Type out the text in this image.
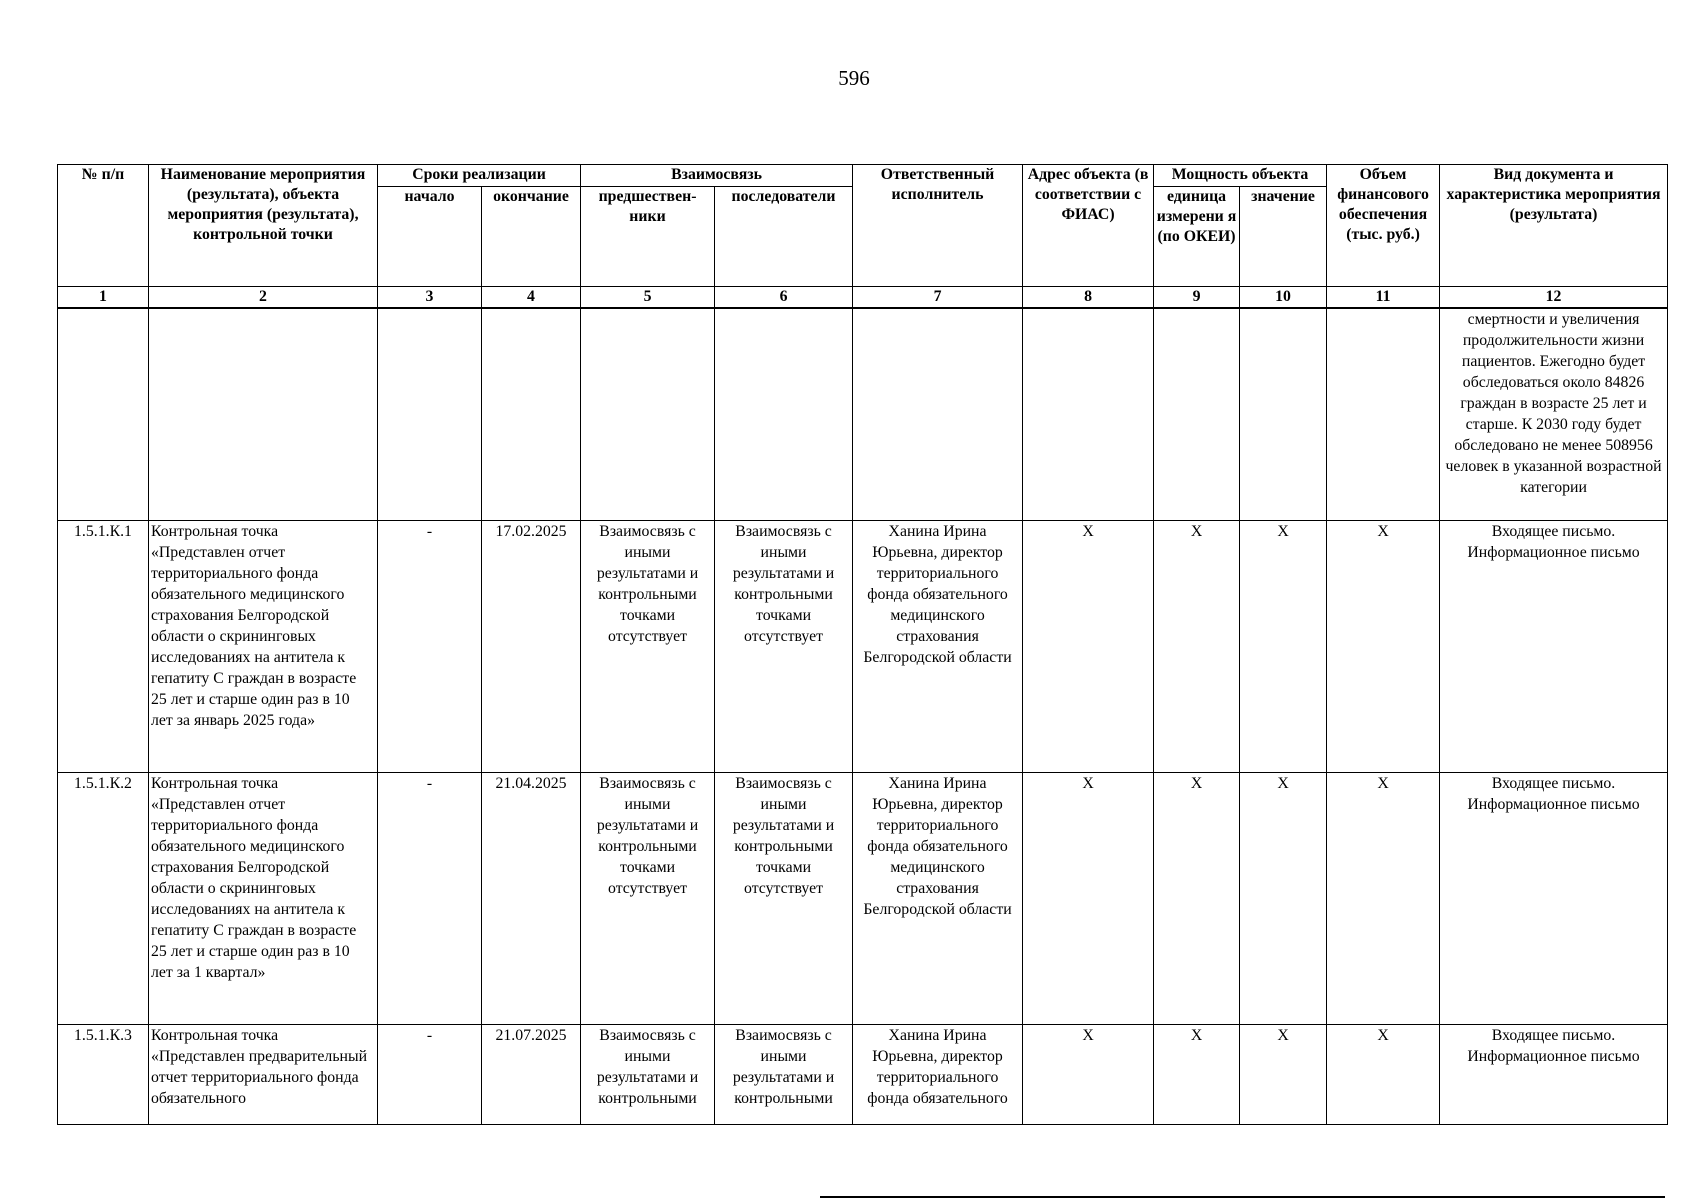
596
№ п/п	Наименование мероприятия (результата), объекта мероприятия (результата), контрольной точки	Сроки реализации		Взаимосвязь		Ответственный исполнитель	Адрес объекта (в соответствии с ФИАС)	Мощность объекта		Объем финансового обеспечения (тыс. руб.)	Вид документа и характеристика мероприятия (результата)
		начало	окончание	предшествен-ники	последователи			единица измерени я (по ОКЕИ)	значение		
1	2	3	4	5	6	7	8	9	10	11	12
											смертности и увеличения продолжительности жизни пациентов. Ежегодно будет обследоваться около 84826 граждан в возрасте 25 лет и старше. К 2030 году будет обследовано не менее 508956 человек в указанной возрастной категории
1.5.1.К.1	Контрольная точка «Представлен отчет территориального фонда обязательного медицинского страхования Белгородской области о скрининговых исследованиях на антитела к гепатиту С граждан в возрасте 25 лет и старше один раз в 10 лет за январь 2025 года»	-	17.02.2025	Взаимосвязь с иными результатами и контрольными точками отсутствует	Взаимосвязь с иными результатами и контрольными точками отсутствует	Ханина Ирина Юрьевна, директор территориального фонда обязательного медицинского страхования Белгородской области	X	X	X	X	Входящее письмо. Информационное письмо
1.5.1.К.2	Контрольная точка «Представлен отчет территориального фонда обязательного медицинского страхования Белгородской области о скрининговых исследованиях на антитела к гепатиту С граждан в возрасте 25 лет и старше один раз в 10 лет за 1 квартал»	-	21.04.2025	Взаимосвязь с иными результатами и контрольными точками отсутствует	Взаимосвязь с иными результатами и контрольными точками отсутствует	Ханина Ирина Юрьевна, директор территориального фонда обязательного медицинского страхования Белгородской области	X	X	X	X	Входящее письмо. Информационное письмо
1.5.1.К.3	Контрольная точка «Представлен предварительный отчет территориального фонда обязательного	-	21.07.2025	Взаимосвязь с иными результатами и контрольными	Взаимосвязь с иными результатами и контрольными	Ханина Ирина Юрьевна, директор территориального фонда обязательного	X	X	X	X	Входящее письмо. Информационное письмо
